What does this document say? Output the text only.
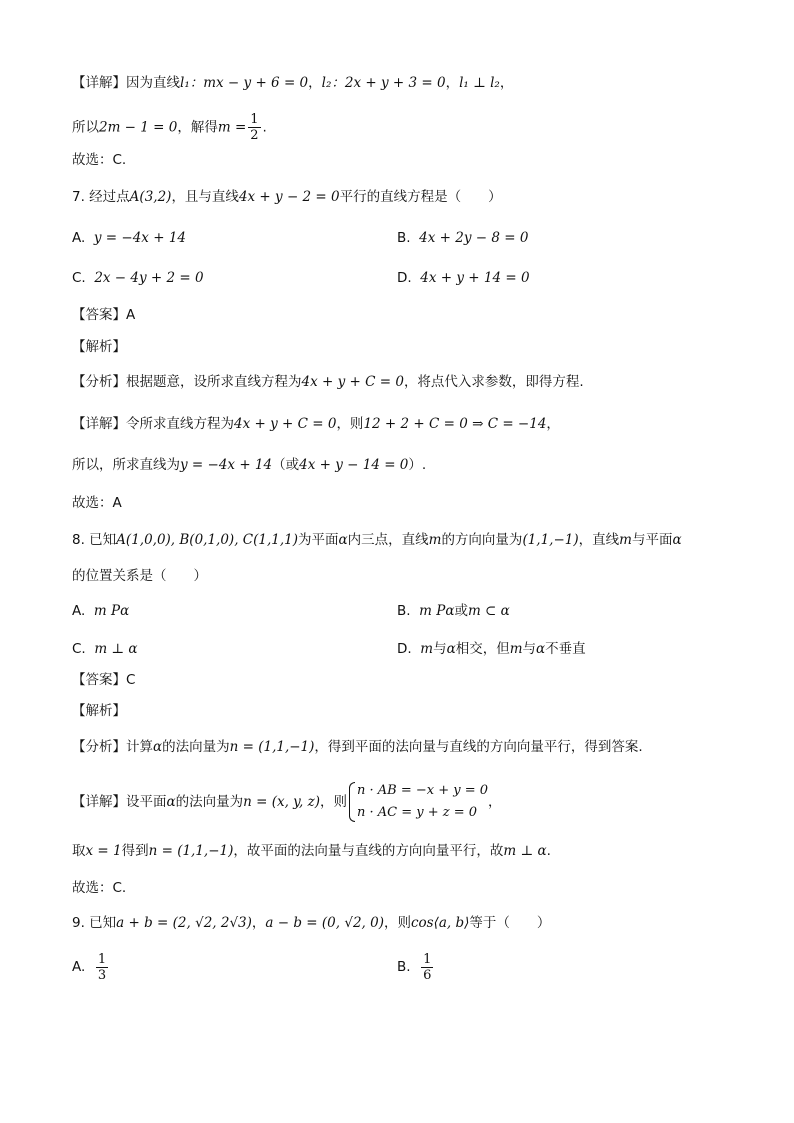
【详解】因为直线l₁：mx − y + 6 = 0，l₂：2x + y + 3 = 0，l₁ ⊥ l₂，
所以2m − 1 = 0，解得$m = \frac{1}{2}$ .
故选：C.
7. 经过点A(3,2)，且与直线4x + y − 2 = 0平行的直线方程是（　　）
A. y = −4x + 14	B. 4x + 2y − 8 = 0
C. 2x − 4y + 2 = 0	D. 4x + y + 14 = 0
【答案】A
【解析】
【分析】根据题意，设所求直线方程为4x + y + C = 0，将点代入求参数，即得方程.
【详解】令所求直线方程为4x + y + C = 0，则12 + 2 + C = 0 ⇒ C = −14，
所以，所求直线为y = −4x + 14（或4x + y − 14 = 0）.
故选：A
8. 已知A(1,0,0), B(0,1,0), C(1,1,1)为平面α内三点，直线m的方向向量为(1,1,−1)，直线m与平面α
的位置关系是（　　）
A. m Pα	B. m Pα或m ⊂ α
C. m ⊥ α	D. m与α相交，但m与α不垂直
【答案】C
【解析】
【分析】计算α的法向量为n = (1,1,−1)，得到平面的法向量与直线的方向向量平行，得到答案.
【详解】设平面α的法向量为n = (x, y, z)，则
n · AB = −x + y = 0
n · AC = y + z = 0
，
取x = 1得到n = (1,1,−1)，故平面的法向量与直线的方向向量平行，故m ⊥ α.
故选：C.
9. 已知a + b = (2, √2, 2√3)，a − b = (0, √2, 0)，则cos⟨a, b⟩等于（　　）
A. $\frac{1}{3}$	B. $\frac{1}{6}$
